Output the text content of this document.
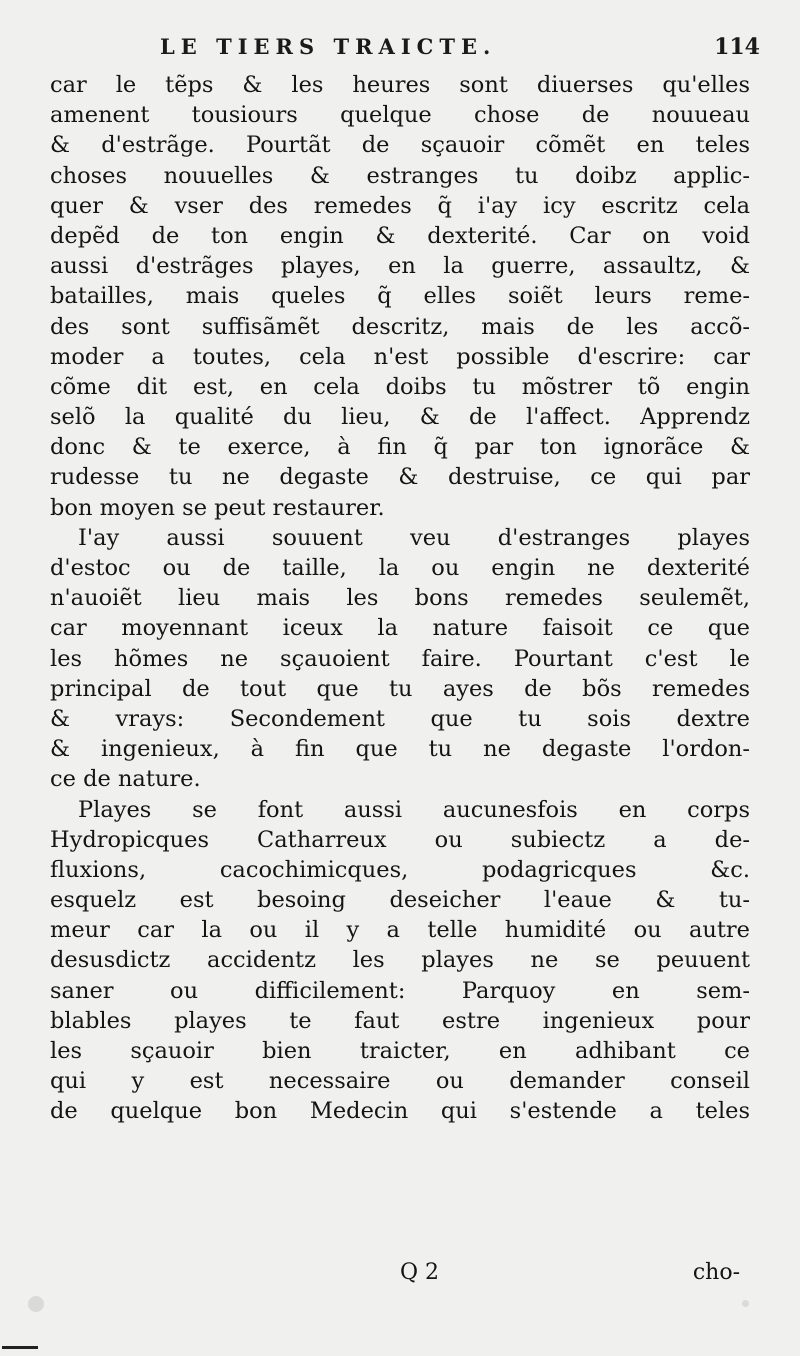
LE TIERS TRAICTE.	114
car le tẽps & les heures sont diuerses qu'elles
amenent tousiours quelque chose de nouueau
& d'estrãge. Pourtãt de sçauoir cõmẽt en teles
choses nouuelles & estranges tu doibz applic-
quer & vser des remedes q̃ i'ay icy escritz cela
depẽd de ton engin & dexterité. Car on void
aussi d'estrãges playes, en la guerre, assaultz, &
batailles, mais queles q̃ elles soiẽt leurs reme-
des sont suffisãmẽt descritz, mais de les accõ-
moder a toutes, cela n'est possible d'escrire: car
cõme dit est, en cela doibs tu mõstrer tõ engin
selõ la qualité du lieu, & de l'affect. Apprendz
donc & te exerce, à fin q̃ par ton ignorãce &
rudesse tu ne degaste & destruise, ce qui par
bon moyen se peut restaurer.
I'ay aussi souuent veu d'estranges playes
d'estoc ou de taille, la ou engin ne dexterité
n'auoiẽt lieu mais les bons remedes seulemẽt,
car moyennant iceux la nature faisoit ce que
les hõmes ne sçauoient faire. Pourtant c'est le
principal de tout que tu ayes de bõs remedes
& vrays: Secondement que tu sois dextre
& ingenieux, à fin que tu ne degaste l'ordon-
ce de nature.
Playes se font aussi aucunesfois en corps
Hydropicques Catharreux ou subiectz a de-
fluxions, cacochimicques, podagricques &c.
esquelz est besoing deseicher l'eaue & tu-
meur car la ou il y a telle humidité ou autre
desusdictz accidentz les playes ne se peuuent
saner ou difficilement: Parquoy en sem-
blables playes te faut estre ingenieux pour
les sçauoir bien traicter, en adhibant ce
qui y est necessaire ou demander conseil
de quelque bon Medecin qui s'estende a teles
Q 2	cho-
